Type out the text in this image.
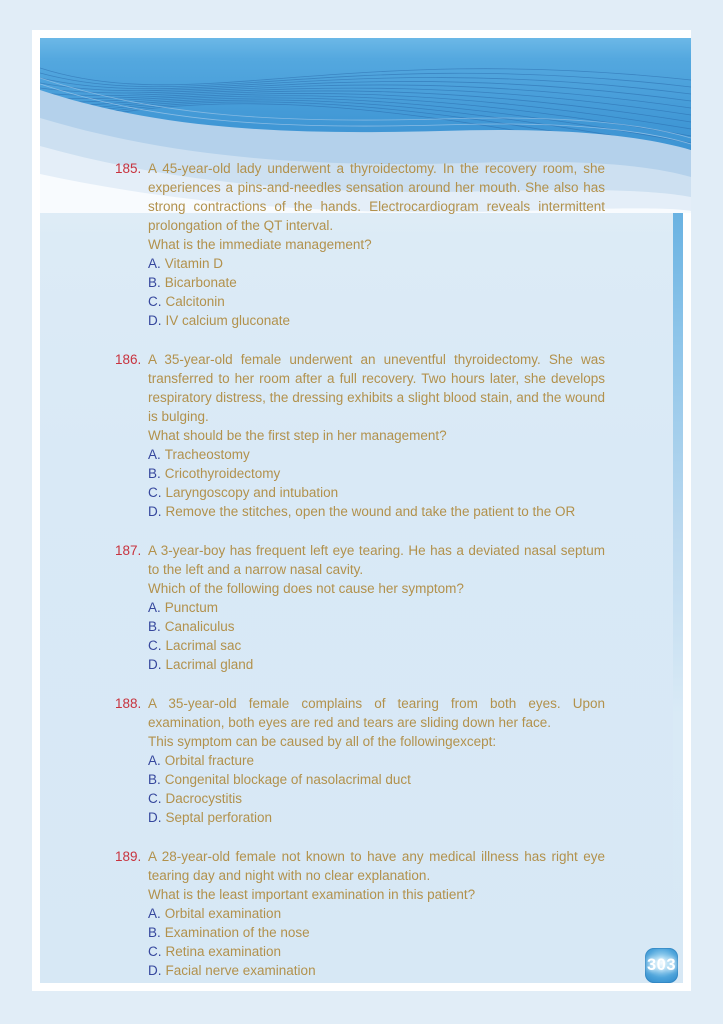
185. A 45-year-old lady underwent a thyroidectomy. In the recovery room, she experiences a pins-and-needles sensation around her mouth. She also has strong contractions of the hands. Electrocardiogram reveals intermittent prolongation of the QT interval.

What is the immediate management?

A. Vitamin D
B. Bicarbonate
C. Calcitonin
D. IV calcium gluconate
186. A 35-year-old female underwent an uneventful thyroidectomy. She was transferred to her room after a full recovery. Two hours later, she develops respiratory distress, the dressing exhibits a slight blood stain, and the wound is bulging.

What should be the first step in her management?

A. Tracheostomy
B. Cricothyroidectomy
C. Laryngoscopy and intubation
D. Remove the stitches, open the wound and take the patient to the OR
187. A 3-year-boy has frequent left eye tearing. He has a deviated nasal septum to the left and a narrow nasal cavity.

Which of the following does not cause her symptom?

A. Punctum
B. Canaliculus
C. Lacrimal sac
D. Lacrimal gland
188. A 35-year-old female complains of tearing from both eyes. Upon examination, both eyes are red and tears are sliding down her face.

This symptom can be caused by all of the followingexcept:

A. Orbital fracture
B. Congenital blockage of nasolacrimal duct
C. Dacrocystitis
D. Septal perforation
189. A 28-year-old female not known to have any medical illness has right eye tearing day and night with no clear explanation.

What is the least important examination in this patient?

A. Orbital examination
B. Examination of the nose
C. Retina examination
D. Facial nerve examination	303
